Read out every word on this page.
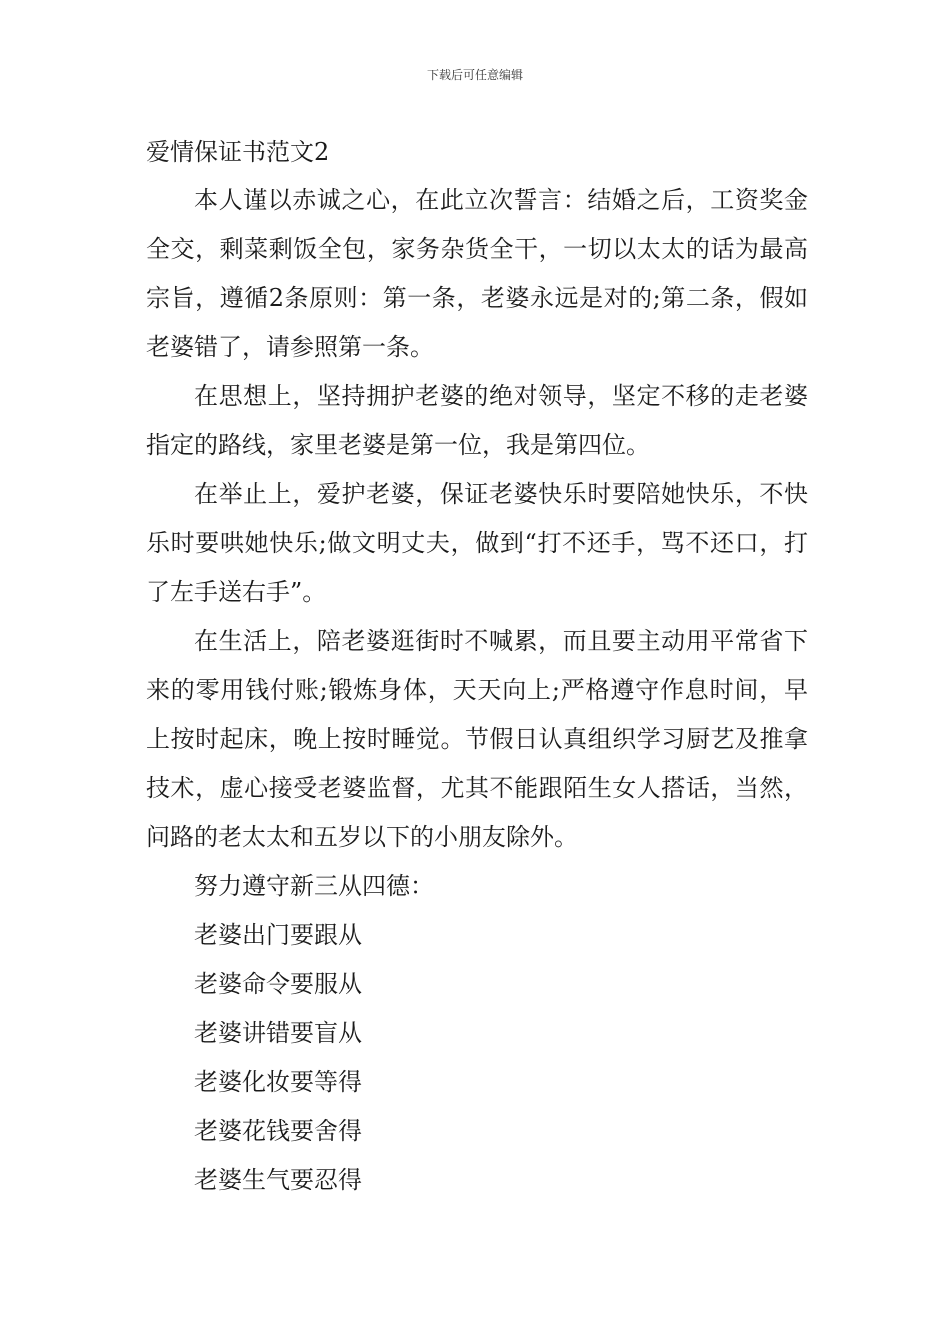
下载后可任意编辑

爱情保证书范文2

本人谨以赤诚之心，在此立次誓言：结婚之后，工资奖金全交，剩菜剩饭全包，家务杂货全干，一切以太太的话为最高宗旨，遵循2条原则：第一条，老婆永远是对的;第二条，假如老婆错了，请参照第一条。

在思想上，坚持拥护老婆的绝对领导，坚定不移的走老婆指定的路线，家里老婆是第一位，我是第四位。

在举止上，爱护老婆，保证老婆快乐时要陪她快乐，不快乐时要哄她快乐;做文明丈夫，做到“打不还手，骂不还口，打了左手送右手”。

在生活上，陪老婆逛街时不喊累，而且要主动用平常省下来的零用钱付账;锻炼身体，天天向上;严格遵守作息时间，早上按时起床，晚上按时睡觉。节假日认真组织学习厨艺及推拿技术，虚心接受老婆监督，尤其不能跟陌生女人搭话，当然，问路的老太太和五岁以下的小朋友除外。

努力遵守新三从四德：

老婆出门要跟从

老婆命令要服从

老婆讲错要盲从

老婆化妆要等得

老婆花钱要舍得

老婆生气要忍得
